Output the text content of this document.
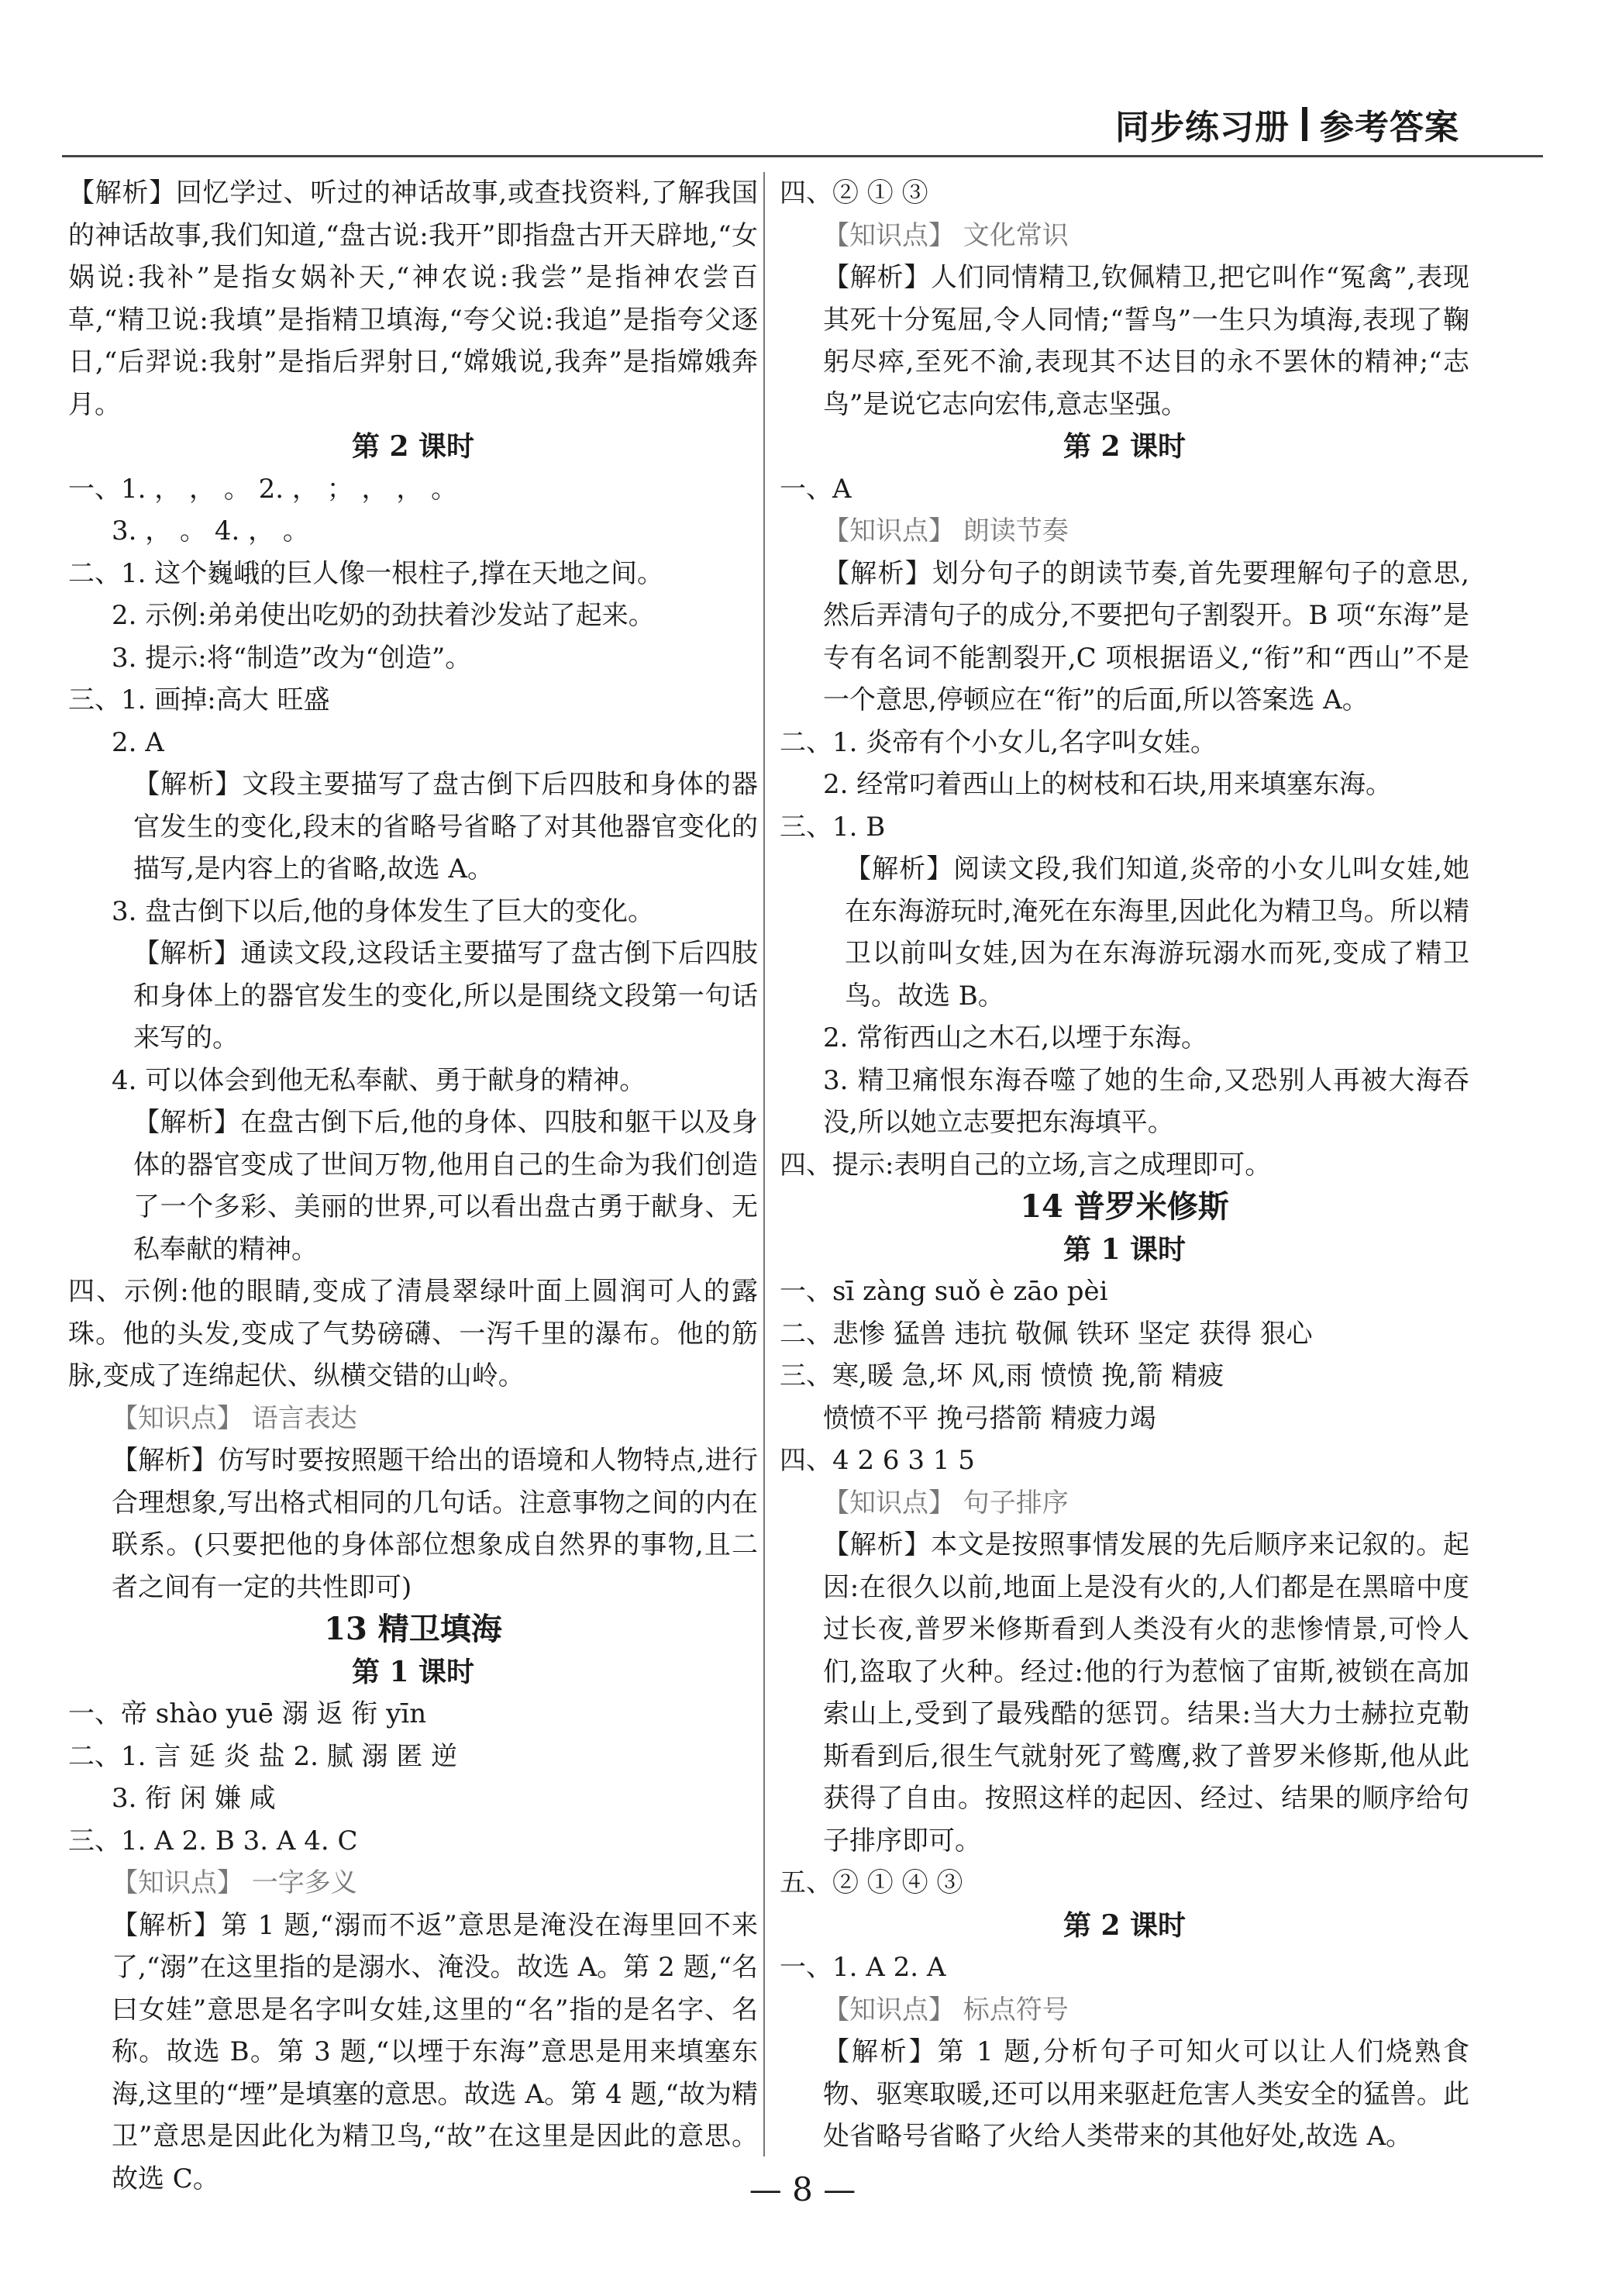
同步练习册 参考答案
【解析】回忆学过、听过的神话故事,或查找资料,了解我国的神话故事,我们知道,“盘古说:我开”即指盘古开天辟地,“女娲说:我补”是指女娲补天,“神农说:我尝”是指神农尝百草,“精卫说:我填”是指精卫填海,“夸父说:我追”是指夸父逐日,“后羿说:我射”是指后羿射日,“嫦娥说,我奔”是指嫦娥奔月。
第 2 课时
一、1. ， ， 。 2. ， ； ， ， 。
3. ， 。 4. ， 。
二、1. 这个巍峨的巨人像一根柱子,撑在天地之间。
2. 示例:弟弟使出吃奶的劲扶着沙发站了起来。
3. 提示:将“制造”改为“创造”。
三、1. 画掉:高大 旺盛
2. A
【解析】文段主要描写了盘古倒下后四肢和身体的器官发生的变化,段末的省略号省略了对其他器官变化的描写,是内容上的省略,故选 A。
3. 盘古倒下以后,他的身体发生了巨大的变化。
【解析】通读文段,这段话主要描写了盘古倒下后四肢和身体上的器官发生的变化,所以是围绕文段第一句话来写的。
4. 可以体会到他无私奉献、勇于献身的精神。
【解析】在盘古倒下后,他的身体、四肢和躯干以及身体的器官变成了世间万物,他用自己的生命为我们创造了一个多彩、美丽的世界,可以看出盘古勇于献身、无私奉献的精神。
四、示例:他的眼睛,变成了清晨翠绿叶面上圆润可人的露珠。他的头发,变成了气势磅礴、一泻千里的瀑布。他的筋脉,变成了连绵起伏、纵横交错的山岭。
【知识点】 语言表达
【解析】仿写时要按照题干给出的语境和人物特点,进行合理想象,写出格式相同的几句话。注意事物之间的内在联系。(只要把他的身体部位想象成自然界的事物,且二者之间有一定的共性即可)
13 精卫填海
第 1 课时
一、帝 shào yuē 溺 返 衔 yīn
二、1. 言 延 炎 盐 2. 腻 溺 匿 逆
3. 衔 闲 嫌 咸
三、1. A 2. B 3. A 4. C
【知识点】 一字多义
【解析】第 1 题,“溺而不返”意思是淹没在海里回不来了,“溺”在这里指的是溺水、淹没。故选 A。第 2 题,“名曰女娃”意思是名字叫女娃,这里的“名”指的是名字、名称。故选 B。第 3 题,“以堙于东海”意思是用来填塞东海,这里的“堙”是填塞的意思。故选 A。第 4 题,“故为精卫”意思是因此化为精卫鸟,“故”在这里是因此的意思。故选 C。
四、② ① ③
【知识点】 文化常识
【解析】人们同情精卫,钦佩精卫,把它叫作“冤禽”,表现其死十分冤屈,令人同情;“誓鸟”一生只为填海,表现了鞠躬尽瘁,至死不渝,表现其不达目的永不罢休的精神;“志鸟”是说它志向宏伟,意志坚强。
第 2 课时
一、A
【知识点】 朗读节奏
【解析】划分句子的朗读节奏,首先要理解句子的意思,然后弄清句子的成分,不要把句子割裂开。B 项“东海”是专有名词不能割裂开,C 项根据语义,“衔”和“西山”不是一个意思,停顿应在“衔”的后面,所以答案选 A。
二、1. 炎帝有个小女儿,名字叫女娃。
2. 经常叼着西山上的树枝和石块,用来填塞东海。
三、1. B
【解析】阅读文段,我们知道,炎帝的小女儿叫女娃,她在东海游玩时,淹死在东海里,因此化为精卫鸟。所以精卫以前叫女娃,因为在东海游玩溺水而死,变成了精卫鸟。故选 B。
2. 常衔西山之木石,以堙于东海。
3. 精卫痛恨东海吞噬了她的生命,又恐别人再被大海吞没,所以她立志要把东海填平。
四、提示:表明自己的立场,言之成理即可。
14 普罗米修斯
第 1 课时
一、sī zàng suǒ è zāo pèi
二、悲惨 猛兽 违抗 敬佩 铁环 坚定 获得 狠心
三、寒,暖 急,坏 风,雨 愤愤 挽,箭 精疲
愤愤不平 挽弓搭箭 精疲力竭
四、4 2 6 3 1 5
【知识点】 句子排序
【解析】本文是按照事情发展的先后顺序来记叙的。起因:在很久以前,地面上是没有火的,人们都是在黑暗中度过长夜,普罗米修斯看到人类没有火的悲惨情景,可怜人们,盗取了火种。经过:他的行为惹恼了宙斯,被锁在高加索山上,受到了最残酷的惩罚。结果:当大力士赫拉克勒斯看到后,很生气就射死了鹫鹰,救了普罗米修斯,他从此获得了自由。按照这样的起因、经过、结果的顺序给句子排序即可。
五、② ① ④ ③
第 2 课时
一、1. A 2. A
【知识点】 标点符号
【解析】第 1 题,分析句子可知火可以让人们烧熟食物、驱寒取暖,还可以用来驱赶危害人类安全的猛兽。此处省略号省略了火给人类带来的其他好处,故选 A。
— 8 —
